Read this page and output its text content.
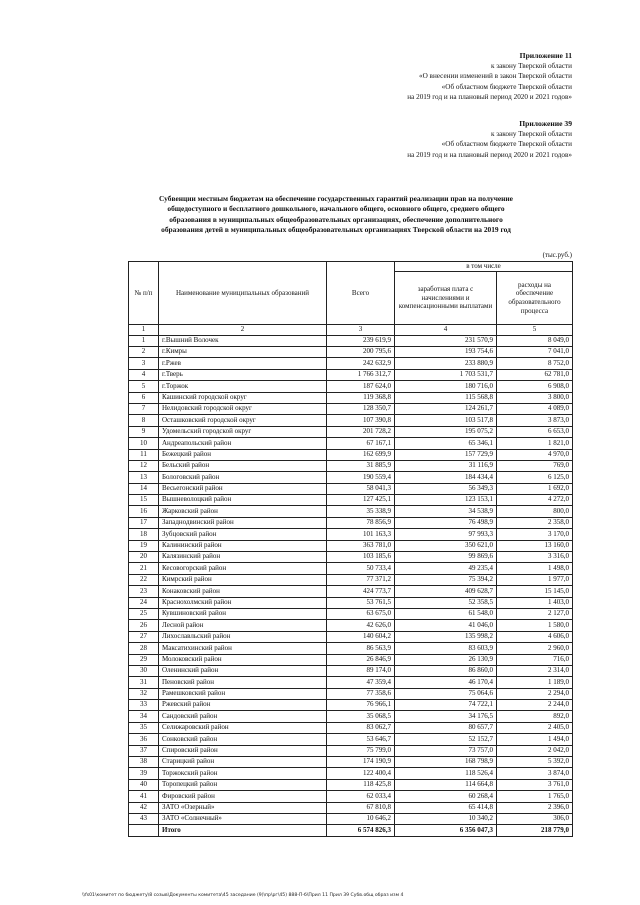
Приложение 11
к закону Тверской области
«О внесении изменений в закон Тверской области
«Об областном бюджете Тверской области
на 2019 год и на плановый период 2020 и 2021 годов»
Приложение 39
к закону Тверской области
«Об областном бюджете Тверской области
на 2019 год и на плановый период 2020 и 2021 годов»
Субвенции местным бюджетам на обеспечение государственных гарантий реализации прав на получение
общедоступного и бесплатного дошкольного, начального общего, основного общего, среднего общего
образования в муниципальных общеобразовательных организациях, обеспечение дополнительного
образования детей в муниципальных общеобразовательных организациях Тверской области на 2019 год
(тыс.руб.)
№ п/п	Наименование муниципальных образований	Всего	в том числе	
			заработная плата с начислениями и компенсационными выплатами	расходы на обеспечение образовательного процесса
1	2	3	4	5
1	г.Вышний Волочек	239 619,9	231 570,9	8 049,0
2	г.Кимры	200 795,6	193 754,6	7 041,0
3	г.Ржев	242 632,9	233 880,9	8 752,0
4	г.Тверь	1 766 312,7	1 703 531,7	62 781,0
5	г.Торжок	187 624,0	180 716,0	6 908,0
6	Кашинский городской округ	119 368,8	115 568,8	3 800,0
7	Нелидовский городской округ	128 350,7	124 261,7	4 089,0
8	Осташковский городской округ	107 390,8	103 517,8	3 873,0
9	Удомельский городской округ	201 728,2	195 075,2	6 653,0
10	Андреапольский район	67 167,1	65 346,1	1 821,0
11	Бежецкий район	162 699,9	157 729,9	4 970,0
12	Бельский район	31 885,9	31 116,9	769,0
13	Бологовский район	190 559,4	184 434,4	6 125,0
14	Весьегонский район	58 041,3	56 349,3	1 692,0
15	Вышневолоцкий район	127 425,1	123 153,1	4 272,0
16	Жарковский район	35 338,9	34 538,9	800,0
17	Западнодвинский район	78 856,9	76 498,9	2 358,0
18	Зубцовский район	101 163,3	97 993,3	3 170,0
19	Калининский район	363 781,0	350 621,0	13 160,0
20	Калязинский район	103 185,6	99 869,6	3 316,0
21	Кесовогорский район	50 733,4	49 235,4	1 498,0
22	Кимрский район	77 371,2	75 394,2	1 977,0
23	Конаковский район	424 773,7	409 628,7	15 145,0
24	Краснохолмский район	53 761,5	52 358,5	1 403,0
25	Кувшиновский район	63 675,0	61 548,0	2 127,0
26	Лесной район	42 626,0	41 046,0	1 580,0
27	Лихославльский район	140 604,2	135 998,2	4 606,0
28	Максатихинский район	86 563,9	83 603,9	2 960,0
29	Молоковский район	26 846,9	26 130,9	716,0
30	Оленинский район	89 174,0	86 860,0	2 314,0
31	Пеновский район	47 359,4	46 170,4	1 189,0
32	Рамешковский район	77 358,6	75 064,6	2 294,0
33	Ржевский район	76 966,1	74 722,1	2 244,0
34	Сандовский район	35 068,5	34 176,5	892,0
35	Селижаровский район	83 062,7	80 657,7	2 405,0
36	Сонковский район	53 646,7	52 152,7	1 494,0
37	Спировский район	75 799,0	73 757,0	2 042,0
38	Старицкий район	174 190,9	168 798,9	5 392,0
39	Торжокский район	122 400,4	118 526,4	3 874,0
40	Торопецкий район	118 425,8	114 664,8	3 761,0
41	Фировский район	62 033,4	60 268,4	1 765,0
42	ЗАТО «Озерный»	67 810,8	65 414,8	2 396,0
43	ЗАТО «Солнечный»	10 646,2	10 340,2	306,0
	Итого	6 574 826,3	6 356 047,3	218 779,0
\\fs01\комитет по бюджету\8 созыв\Документы комитета\45 заседание (9)\пр\рг\45) 888-П-б\Прил 11 Прил 39 Субв.общ образ изм 4
